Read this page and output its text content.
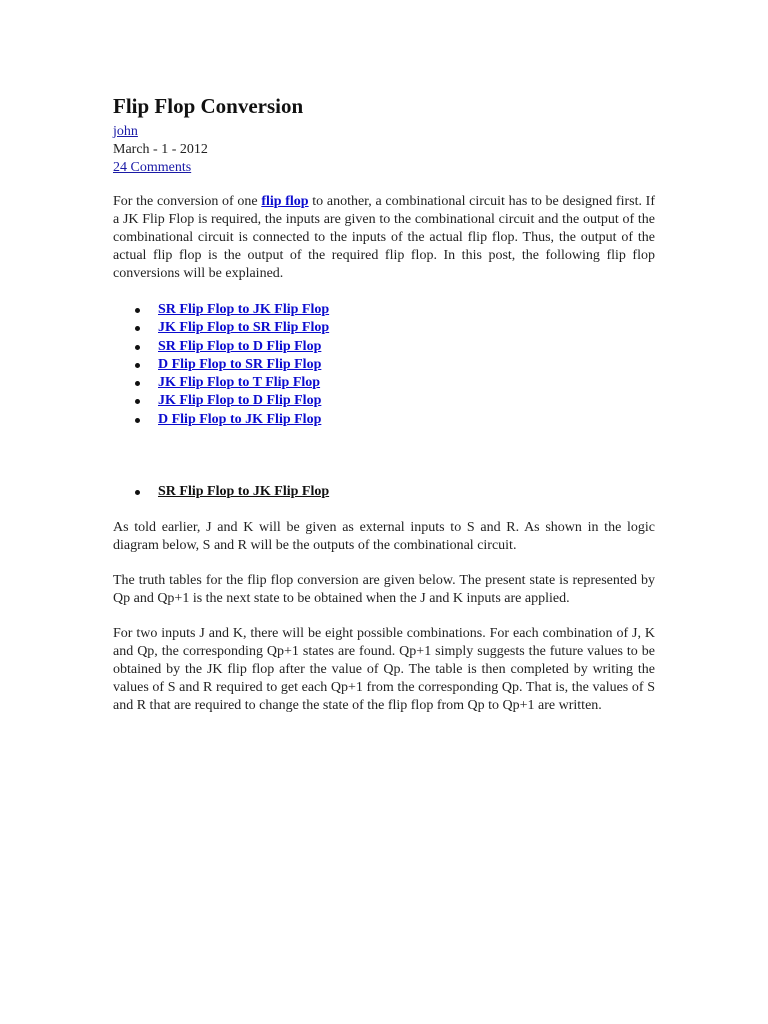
Flip Flop Conversion
john
March - 1 - 2012
24 Comments

For the conversion of one flip flop to another, a combinational circuit has to be designed first. If a JK Flip Flop is required, the inputs are given to the combinational circuit and the output of the combinational circuit is connected to the inputs of the actual flip flop. Thus, the output of the actual flip flop is the output of the required flip flop. In this post, the following flip flop conversions will be explained.

SR Flip Flop to JK Flip Flop
JK Flip Flop to SR Flip Flop
SR Flip Flop to D Flip Flop
D Flip Flop to SR Flip Flop
JK Flip Flop to T Flip Flop
JK Flip Flop to D Flip Flop
D Flip Flop to JK Flip Flop
SR Flip Flop to JK Flip Flop

As told earlier, J and K will be given as external inputs to S and R. As shown in the logic diagram below, S and R will be the outputs of the combinational circuit.

The truth tables for the flip flop conversion are given below. The present state is represented by Qp and Qp+1 is the next state to be obtained when the J and K inputs are applied.

For two inputs J and K, there will be eight possible combinations. For each combination of J, K and Qp, the corresponding Qp+1 states are found. Qp+1 simply suggests the future values to be obtained by the JK flip flop after the value of Qp. The table is then completed by writing the values of S and R required to get each Qp+1 from the corresponding Qp. That is, the values of S and R that are required to change the state of the flip flop from Qp to Qp+1 are written.
